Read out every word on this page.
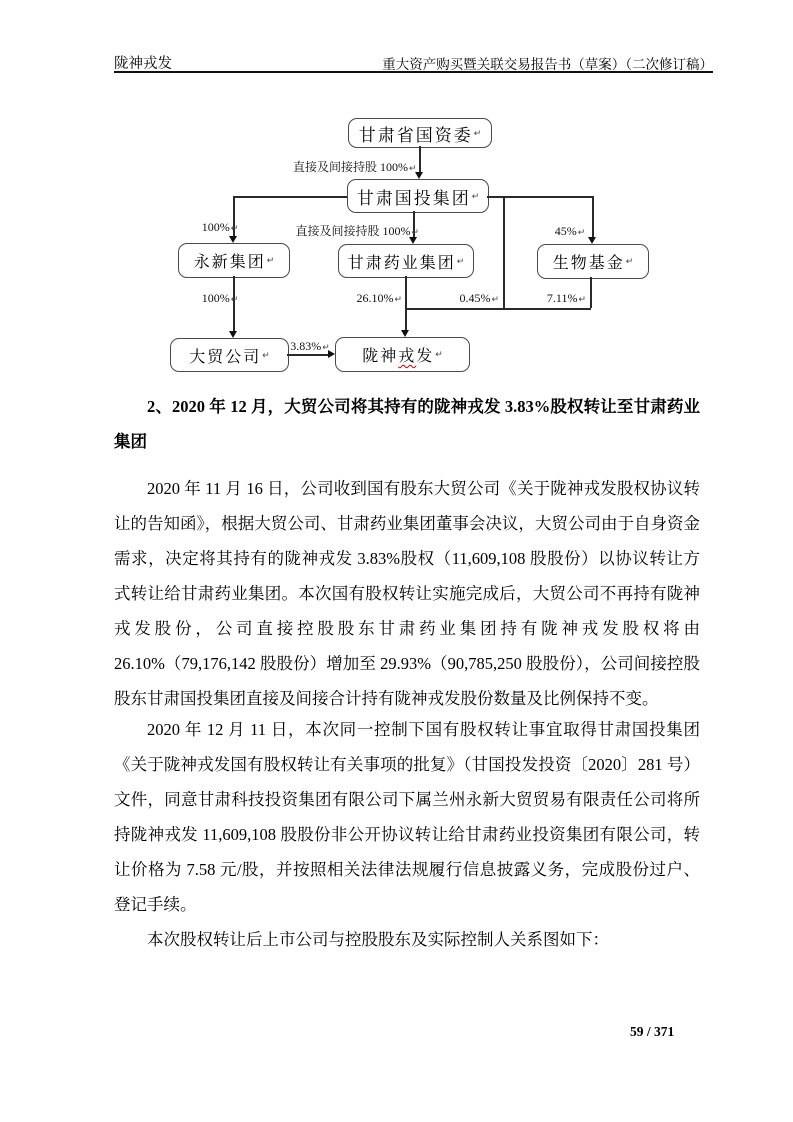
陇神戎发	重大资产购买暨关联交易报告书（草案）（二次修订稿）
甘肃省国资委 ↵
甘肃国投集团 ↵
永新集团 ↵	甘肃药业集团 ↵	生物基金 ↵
大贸公司 ↵	陇神戎发 ↵
直接及间接持股 100%↵
100%↵	直接及间接持股 100%↵	45%↵
0.45%↵	7.11%↵
26.10%↵
100%↵
3.83%↵
2、2020 年 12 月，大贸公司将其持有的陇神戎发 3.83%股权转让至甘肃药业集团
2020 年 11 月 16 日，公司收到国有股东大贸公司《关于陇神戎发股权协议转让的告知函》，根据大贸公司、甘肃药业集团董事会决议，大贸公司由于自身资金需求，决定将其持有的陇神戎发 3.83%股权（11,609,108 股股份）以协议转让方式转让给甘肃药业集团。本次国有股权转让实施完成后，大贸公司不再持有陇神戎发股份，公司直接控股股东甘肃药业集团持有陇神戎发股权将由 26.10%（79,176,142 股股份）增加至 29.93%（90,785,250 股股份），公司间接控股股东甘肃国投集团直接及间接合计持有陇神戎发股份数量及比例保持不变。
2020 年 12 月 11 日，本次同一控制下国有股权转让事宜取得甘肃国投集团《关于陇神戎发国有股权转让有关事项的批复》（甘国投发投资〔2020〕281 号）文件，同意甘肃科技投资集团有限公司下属兰州永新大贸贸易有限责任公司将所持陇神戎发 11,609,108 股股份非公开协议转让给甘肃药业投资集团有限公司，转让价格为 7.58 元/股，并按照相关法律法规履行信息披露义务，完成股份过户、登记手续。
本次股权转让后上市公司与控股股东及实际控制人关系图如下：
59 / 371
